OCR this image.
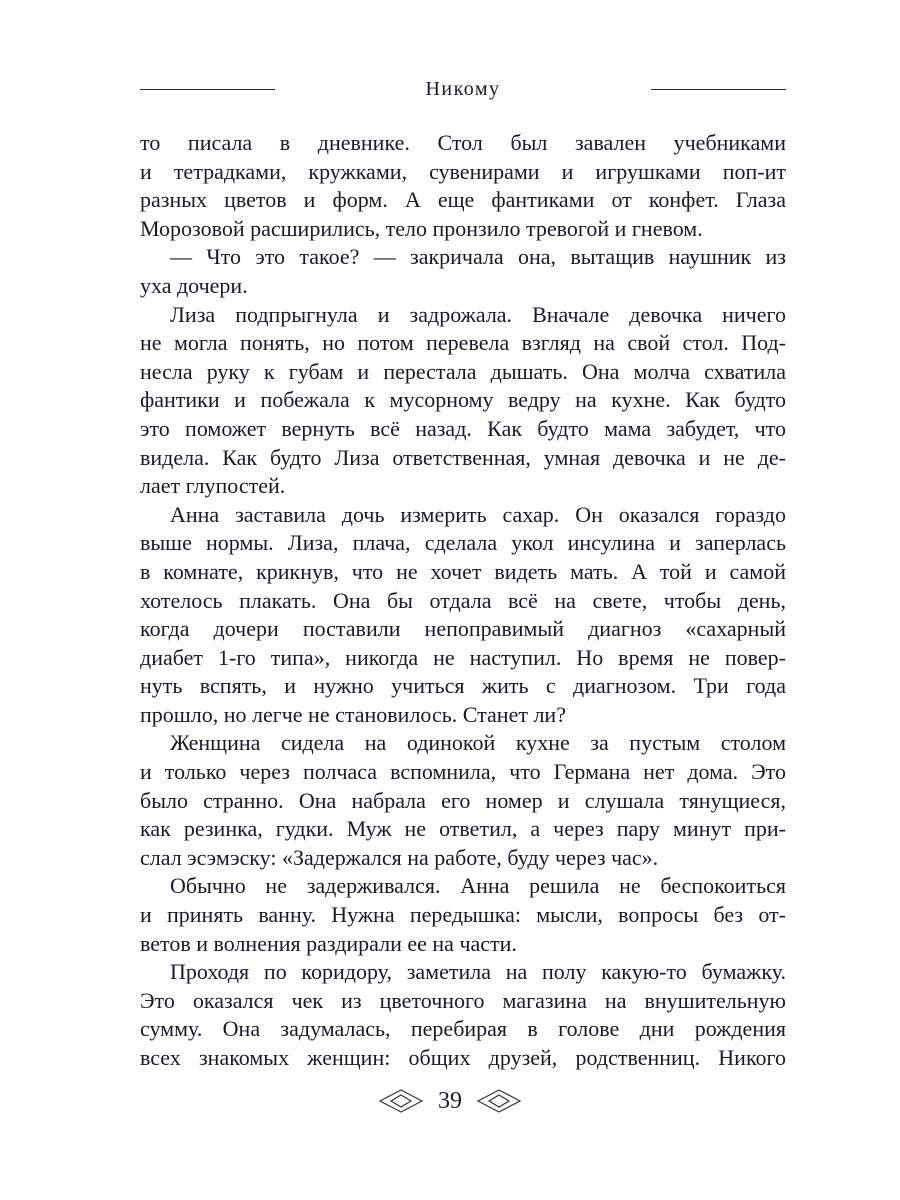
Никому

то писала в дневнике. Стол был завален учебниками
и тетрадками, кружками, сувенирами и игрушками поп-ит
разных цветов и форм. А еще фантиками от конфет. Глаза
Морозовой расширились, тело пронзило тревогой и гневом.

— Что это такое? — закричала она, вытащив наушник из
уха дочери.

Лиза подпрыгнула и задрожала. Вначале девочка ничего
не могла понять, но потом перевела взгляд на свой стол. Под-
несла руку к губам и перестала дышать. Она молча схватила
фантики и побежала к мусорному ведру на кухне. Как будто
это поможет вернуть всё назад. Как будто мама забудет, что
видела. Как будто Лиза ответственная, умная девочка и не де-
лает глупостей.

Анна заставила дочь измерить сахар. Он оказался гораздо
выше нормы. Лиза, плача, сделала укол инсулина и заперлась
в комнате, крикнув, что не хочет видеть мать. А той и самой
хотелось плакать. Она бы отдала всё на свете, чтобы день,
когда дочери поставили непоправимый диагноз «сахарный
диабет 1-го типа», никогда не наступил. Но время не повер-
нуть вспять, и нужно учиться жить с диагнозом. Три года
прошло, но легче не становилось. Станет ли?

Женщина сидела на одинокой кухне за пустым столом
и только через полчаса вспомнила, что Германа нет дома. Это
было странно. Она набрала его номер и слушала тянущиеся,
как резинка, гудки. Муж не ответил, а через пару минут при-
слал эсэмэску: «Задержался на работе, буду через час».

Обычно не задерживался. Анна решила не беспокоиться
и принять ванну. Нужна передышка: мысли, вопросы без от-
ветов и волнения раздирали ее на части.

Проходя по коридору, заметила на полу какую-то бумажку.
Это оказался чек из цветочного магазина на внушительную
сумму. Она задумалась, перебирая в голове дни рождения
всех знакомых женщин: общих друзей, родственниц. Никого

39
